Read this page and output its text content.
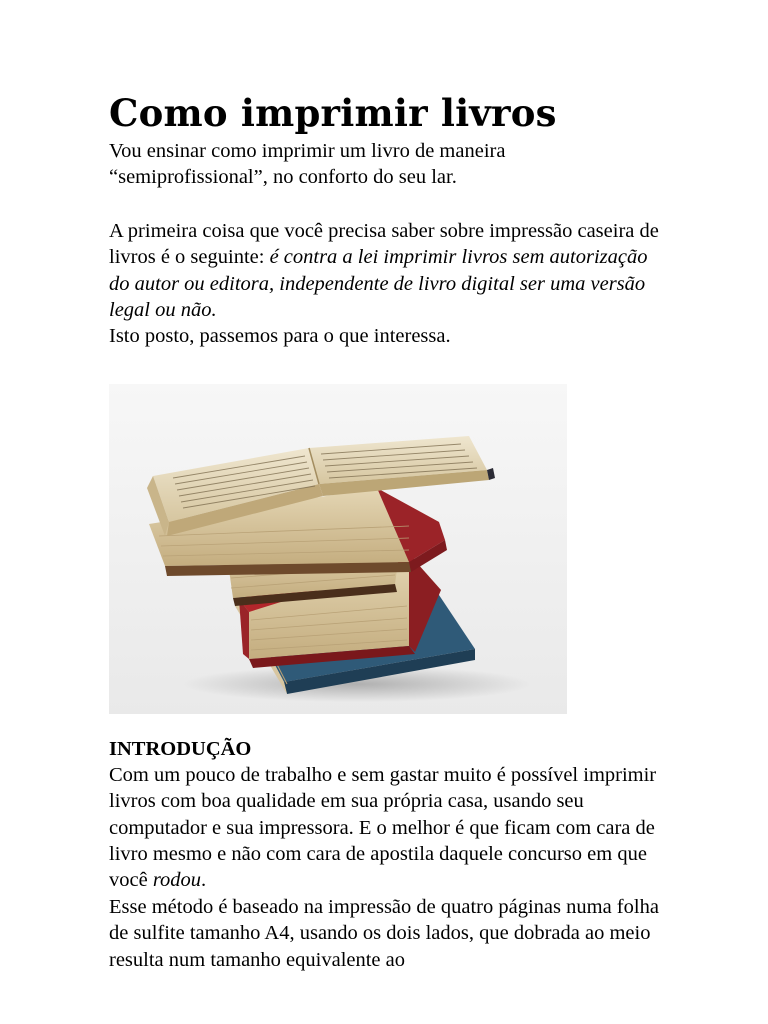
Como imprimir livros

Vou ensinar como imprimir um livro de maneira
“semiprofissional”, no conforto do seu lar.

A primeira coisa que você precisa saber sobre impressão caseira de livros é o seguinte: é contra a lei imprimir livros sem autorização do autor ou editora, independente de livro digital ser uma versão legal ou não.
Isto posto, passemos para o que interessa.

INTRODUÇÃO

Com um pouco de trabalho e sem gastar muito é possível imprimir livros com boa qualidade em sua própria casa, usando seu computador e sua impressora. E o melhor é que ficam com cara de livro mesmo e não com cara de apostila daquele concurso em que você rodou.
Esse método é baseado na impressão de quatro páginas numa folha de sulfite tamanho A4, usando os dois lados, que dobrada ao meio resulta num tamanho equivalente ao
